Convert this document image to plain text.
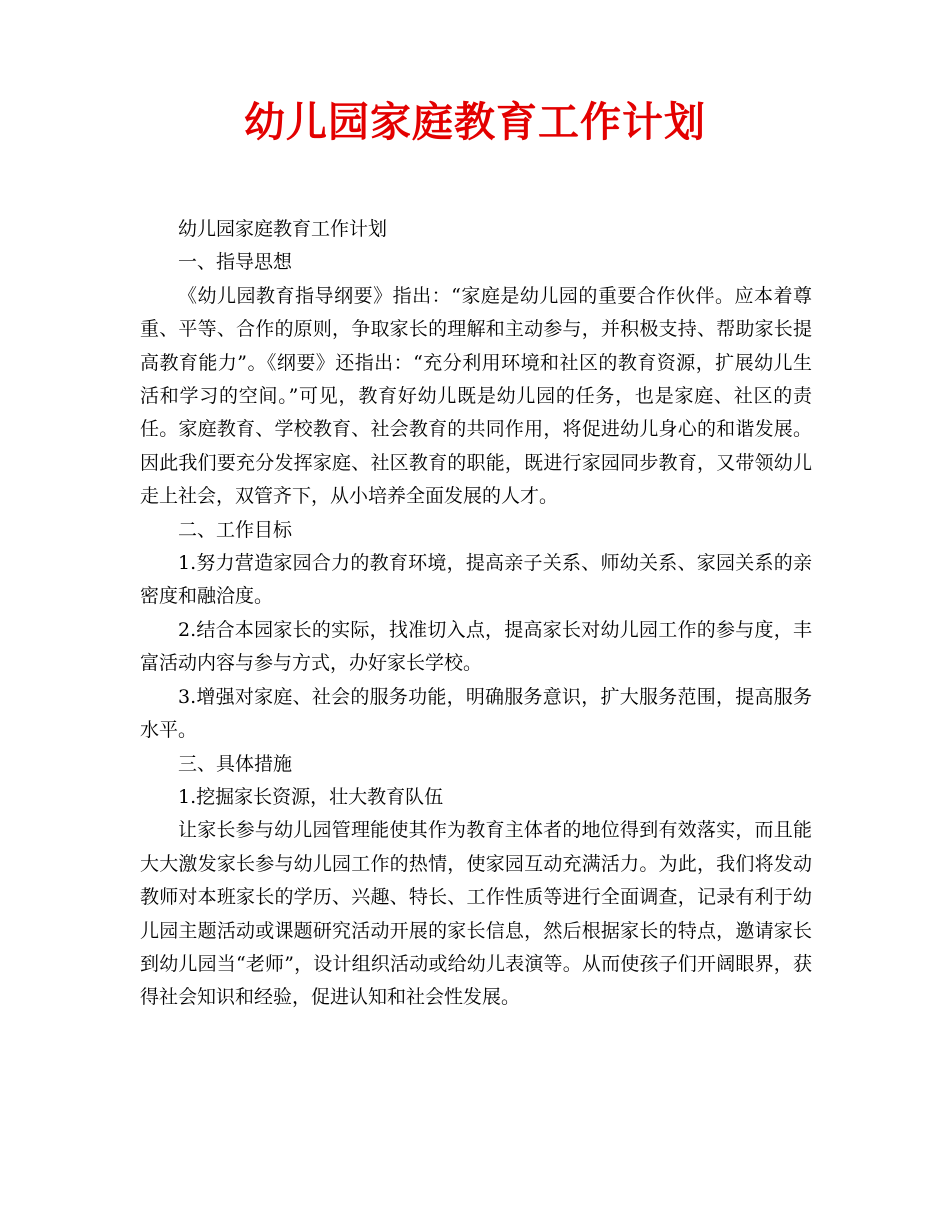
幼儿园家庭教育工作计划

幼儿园家庭教育工作计划

一、指导思想

《幼儿园教育指导纲要》指出：“家庭是幼儿园的重要合作伙伴。应本着尊重、平等、合作的原则，争取家长的理解和主动参与，并积极支持、帮助家长提高教育能力”。《纲要》还指出：“充分利用环境和社区的教育资源，扩展幼儿生活和学习的空间。”可见，教育好幼儿既是幼儿园的任务，也是家庭、社区的责任。家庭教育、学校教育、社会教育的共同作用，将促进幼儿身心的和谐发展。因此我们要充分发挥家庭、社区教育的职能，既进行家园同步教育，又带领幼儿走上社会，双管齐下，从小培养全面发展的人才。

二、工作目标

1.努力营造家园合力的教育环境，提高亲子关系、师幼关系、家园关系的亲密度和融洽度。

2.结合本园家长的实际，找准切入点，提高家长对幼儿园工作的参与度，丰富活动内容与参与方式，办好家长学校。

3.增强对家庭、社会的服务功能，明确服务意识，扩大服务范围，提高服务水平。

三、具体措施

1.挖掘家长资源，壮大教育队伍

让家长参与幼儿园管理能使其作为教育主体者的地位得到有效落实，而且能大大激发家长参与幼儿园工作的热情，使家园互动充满活力。为此，我们将发动教师对本班家长的学历、兴趣、特长、工作性质等进行全面调查，记录有利于幼儿园主题活动或课题研究活动开展的家长信息，然后根据家长的特点，邀请家长到幼儿园当“老师”，设计组织活动或给幼儿表演等。从而使孩子们开阔眼界，获得社会知识和经验，促进认知和社会性发展。
